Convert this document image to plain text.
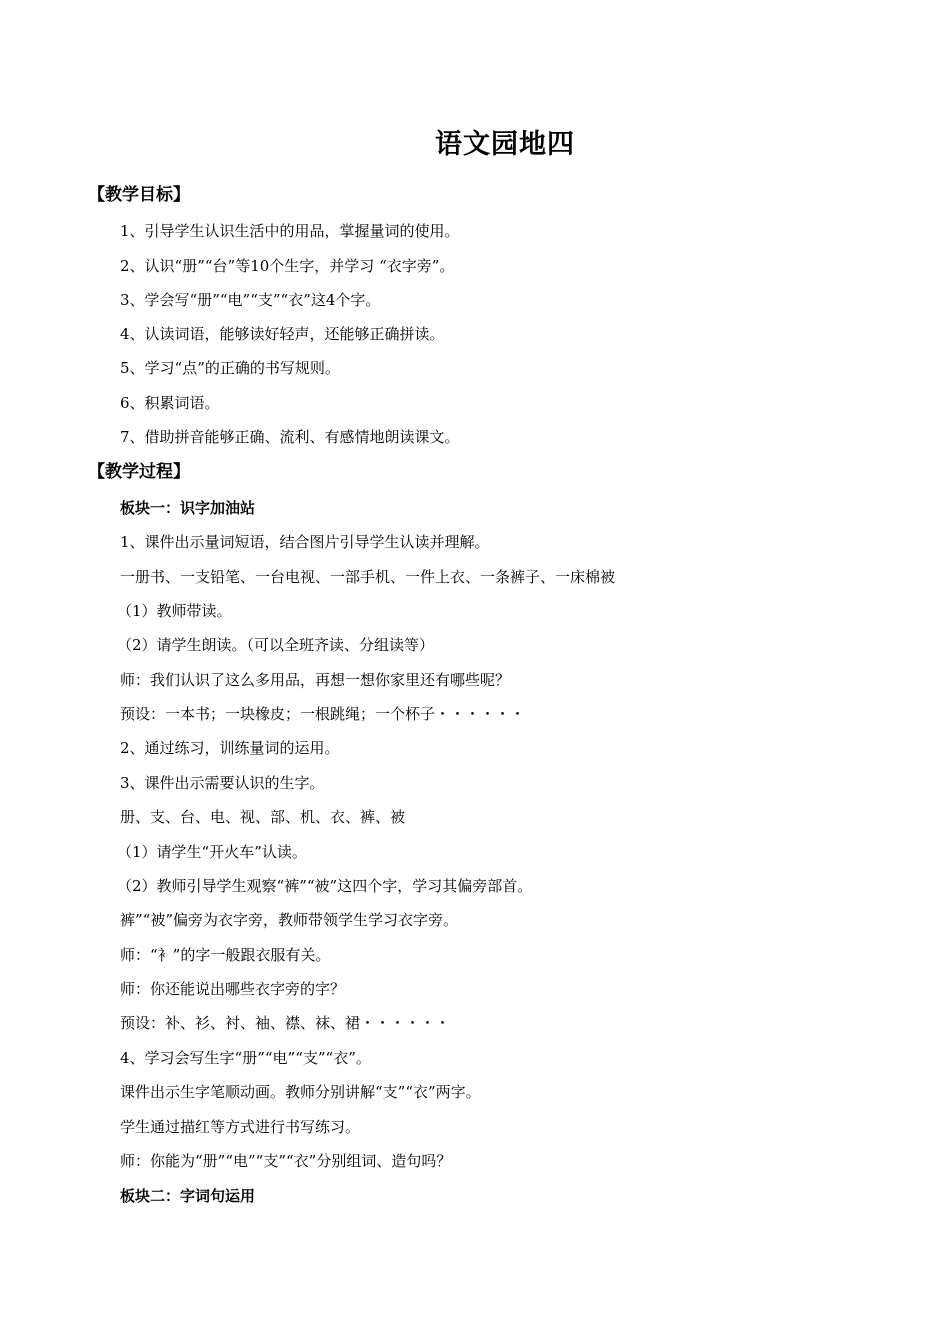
语文园地四
【教学目标】
1、引导学生认识生活中的用品，掌握量词的使用。
2、认识“册”“台”等10个生字，并学习 “衣字旁”。
3、学会写“册”“电”“支”“衣”这4个字。
4、认读词语，能够读好轻声，还能够正确拼读。
5、学习“点”的正确的书写规则。
6、积累词语。
7、借助拼音能够正确、流利、有感情地朗读课文。
【教学过程】
板块一：识字加油站
1、课件出示量词短语，结合图片引导学生认读并理解。
一册书、一支铅笔、一台电视、一部手机、一件上衣、一条裤子、一床棉被
（1）教师带读。
（2）请学生朗读。（可以全班齐读、分组读等）
师：我们认识了这么多用品，再想一想你家里还有哪些呢？
预设：一本书；一块橡皮；一根跳绳；一个杯子・・・・・・
2、通过练习，训练量词的运用。
3、课件出示需要认识的生字。
册、支、台、电、视、部、机、衣、裤、被
（1）请学生“开火车”认读。
（2）教师引导学生观察“裤”“被”这四个字，学习其偏旁部首。
裤”“被”偏旁为衣字旁，教师带领学生学习衣字旁。
师：“衤”的字一般跟衣服有关。
师：你还能说出哪些衣字旁的字？
预设：补、衫、衬、袖、襟、袜、裙・・・・・・
4、学习会写生字“册”“电”“支”“衣”。
课件出示生字笔顺动画。教师分别讲解“支”“衣”两字。
学生通过描红等方式进行书写练习。
师：你能为“册”“电”“支”“衣”分别组词、造句吗？
板块二：字词句运用
